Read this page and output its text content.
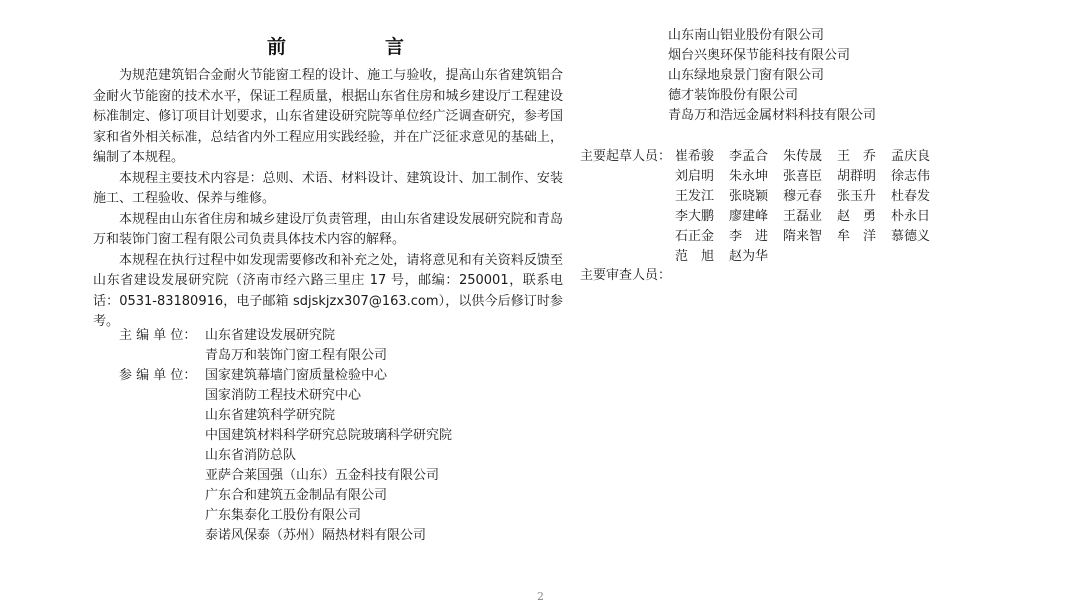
前　言

为规范建筑铝合金耐火节能窗工程的设计、施工与验收，提高山东省建筑铝合金耐火节能窗的技术水平，保证工程质量，根据山东省住房和城乡建设厅工程建设标准制定、修订项目计划要求，山东省建设研究院等单位经广泛调查研究，参考国家和省外相关标准，总结省内外工程应用实践经验，并在广泛征求意见的基础上，编制了本规程。

本规程主要技术内容是：总则、术语、材料设计、建筑设计、加工制作、安装施工、工程验收、保养与维修。

本规程由山东省住房和城乡建设厅负责管理，由山东省建设发展研究院和青岛万和装饰门窗工程有限公司负责具体技术内容的解释。

本规程在执行过程中如发现需要修改和补充之处，请将意见和有关资料反馈至山东省建设发展研究院（济南市经六路三里庄 17 号，邮编：250001，联系电话：0531-83180916，电子邮箱 sdjskjzx307@163.com），以供今后修订时参考。

主 编 单 位： 山东省建设发展研究院
青岛万和装饰门窗工程有限公司
参 编 单 位： 国家建筑幕墙门窗质量检验中心
国家消防工程技术研究中心
山东省建筑科学研究院
中国建筑材料科学研究总院玻璃科学研究院
山东省消防总队
亚萨合莱国强（山东）五金科技有限公司
广东合和建筑五金制品有限公司
广东集泰化工股份有限公司
泰诺风保泰（苏州）隔热材料有限公司
山东南山铝业股份有限公司
烟台兴奥环保节能科技有限公司
山东绿地泉景门窗有限公司
德才装饰股份有限公司
青岛万和浩远金属材料科技有限公司
主要起草人员： 崔希骏	李孟合	朱传晟	王　乔	孟庆良
刘启明	朱永坤	张喜臣	胡群明	徐志伟
王发江	张晓颖	穆元春	张玉升	杜春发
李大鹏	廖建峰	王磊业	赵　勇	朴永日
石正金	李　进	隋来智	牟　洋	慕德义
范　旭	赵为华
主要审查人员：
2
